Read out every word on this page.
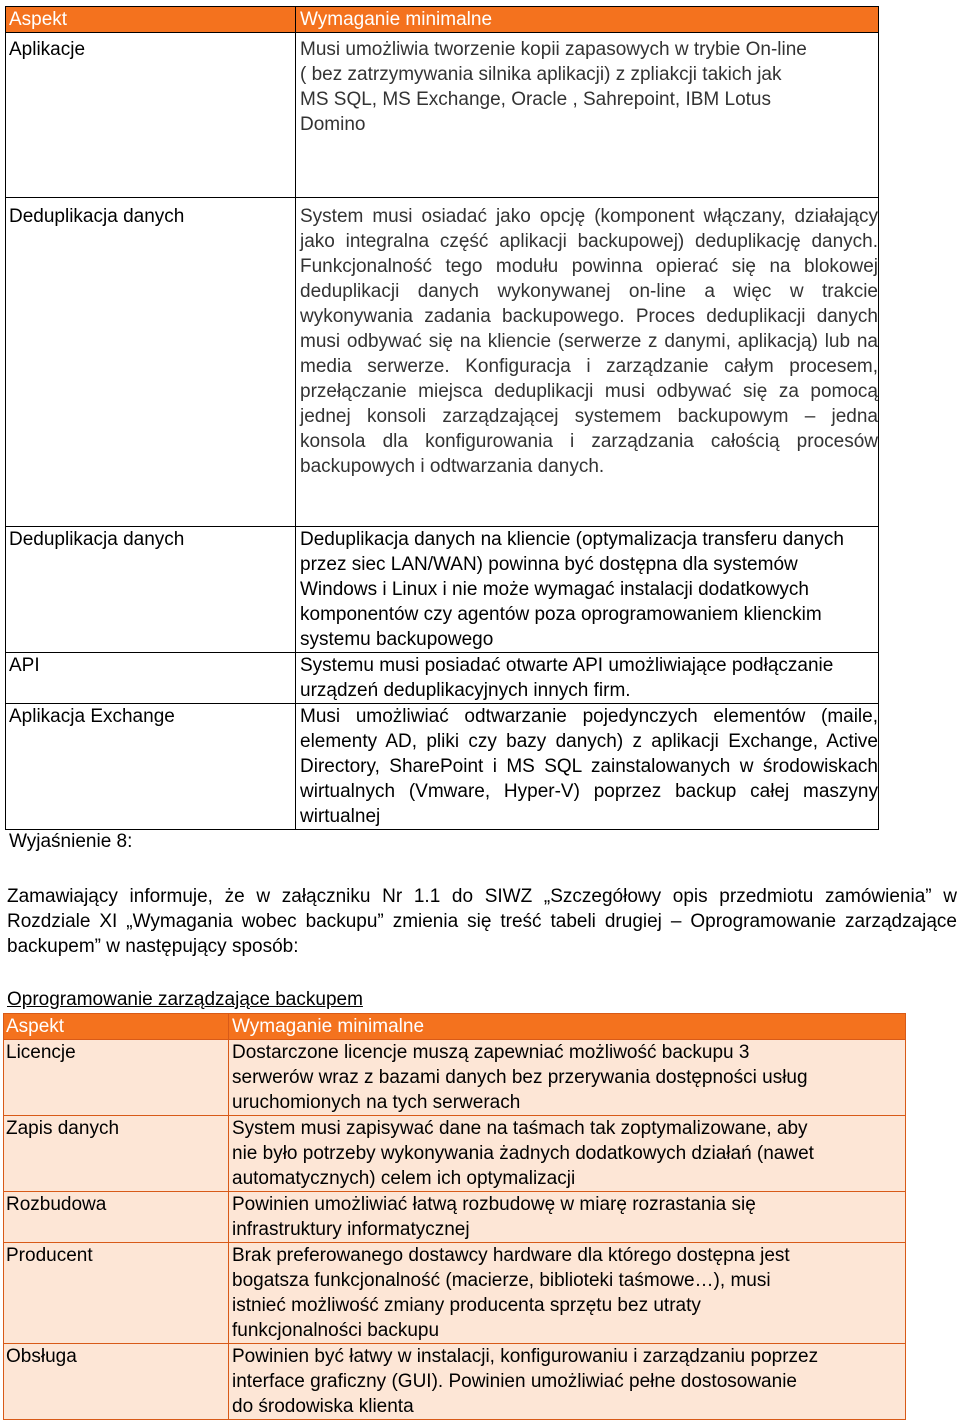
Aspekt	Wymaganie minimalne
Aplikacje	Musi umożliwia tworzenie kopii zapasowych w trybie On-line
( bez zatrzymywania silnika aplikacji) z zpliakcji takich jak
MS SQL, MS Exchange, Oracle , Sahrepoint, IBM Lotus
Domino
Deduplikacja danych	System musi osiadać jako opcję (komponent włączany, działający jako integralna część aplikacji backupowej) deduplikację danych. Funkcjonalność tego modułu powinna opierać się na blokowej deduplikacji danych wykonywanej on-line a więc w trakcie wykonywania zadania backupowego. Proces deduplikacji danych musi odbywać się na kliencie (serwerze z danymi, aplikacją) lub na media serwerze. Konfiguracja i zarządzanie całym procesem, przełączanie miejsca deduplikacji musi odbywać się za pomocą jednej konsoli zarządzającej systemem backupowym – jedna konsola dla konfigurowania i zarządzania całością procesów backupowych i odtwarzania danych.
Deduplikacja danych	Deduplikacja danych na kliencie (optymalizacja transferu danych przez siec LAN/WAN) powinna być dostępna dla systemów Windows i Linux i nie może wymagać instalacji dodatkowych komponentów czy agentów poza oprogramowaniem klienckim systemu backupowego
API	Systemu musi posiadać otwarte API umożliwiające podłączanie urządzeń deduplikacyjnych innych firm.
Aplikacja Exchange	Musi umożliwiać odtwarzanie pojedynczych elementów (maile, elementy AD, pliki czy bazy danych) z aplikacji Exchange, Active Directory, SharePoint i MS SQL zainstalowanych w środowiskach wirtualnych (Vmware, Hyper-V) poprzez backup całej maszyny wirtualnej
Wyjaśnienie 8:
Zamawiający informuje, że w załączniku Nr 1.1 do SIWZ „Szczegółowy opis przedmiotu zamówienia” w Rozdziale XI „Wymagania wobec backupu” zmienia się treść tabeli drugiej – Oprogramowanie zarządzające backupem” w następujący sposób:
Oprogramowanie zarządzające backupem
Aspekt	Wymaganie minimalne
Licencje	Dostarczone licencje muszą zapewniać możliwość backupu 3
serwerów wraz z bazami danych bez przerywania dostępności usług
uruchomionych na tych serwerach
Zapis danych	System musi zapisywać dane na taśmach tak zoptymalizowane, aby
nie było potrzeby wykonywania żadnych dodatkowych działań (nawet
automatycznych) celem ich optymalizacji
Rozbudowa	Powinien umożliwiać łatwą rozbudowę w miarę rozrastania się
infrastruktury informatycznej
Producent	Brak preferowanego dostawcy hardware dla którego dostępna jest
bogatsza funkcjonalność (macierze, biblioteki taśmowe…), musi
istnieć możliwość zmiany producenta sprzętu bez utraty
funkcjonalności backupu
Obsługa	Powinien być łatwy w instalacji, konfigurowaniu i zarządzaniu poprzez
interface graficzny (GUI). Powinien umożliwiać pełne dostosowanie
do środowiska klienta
